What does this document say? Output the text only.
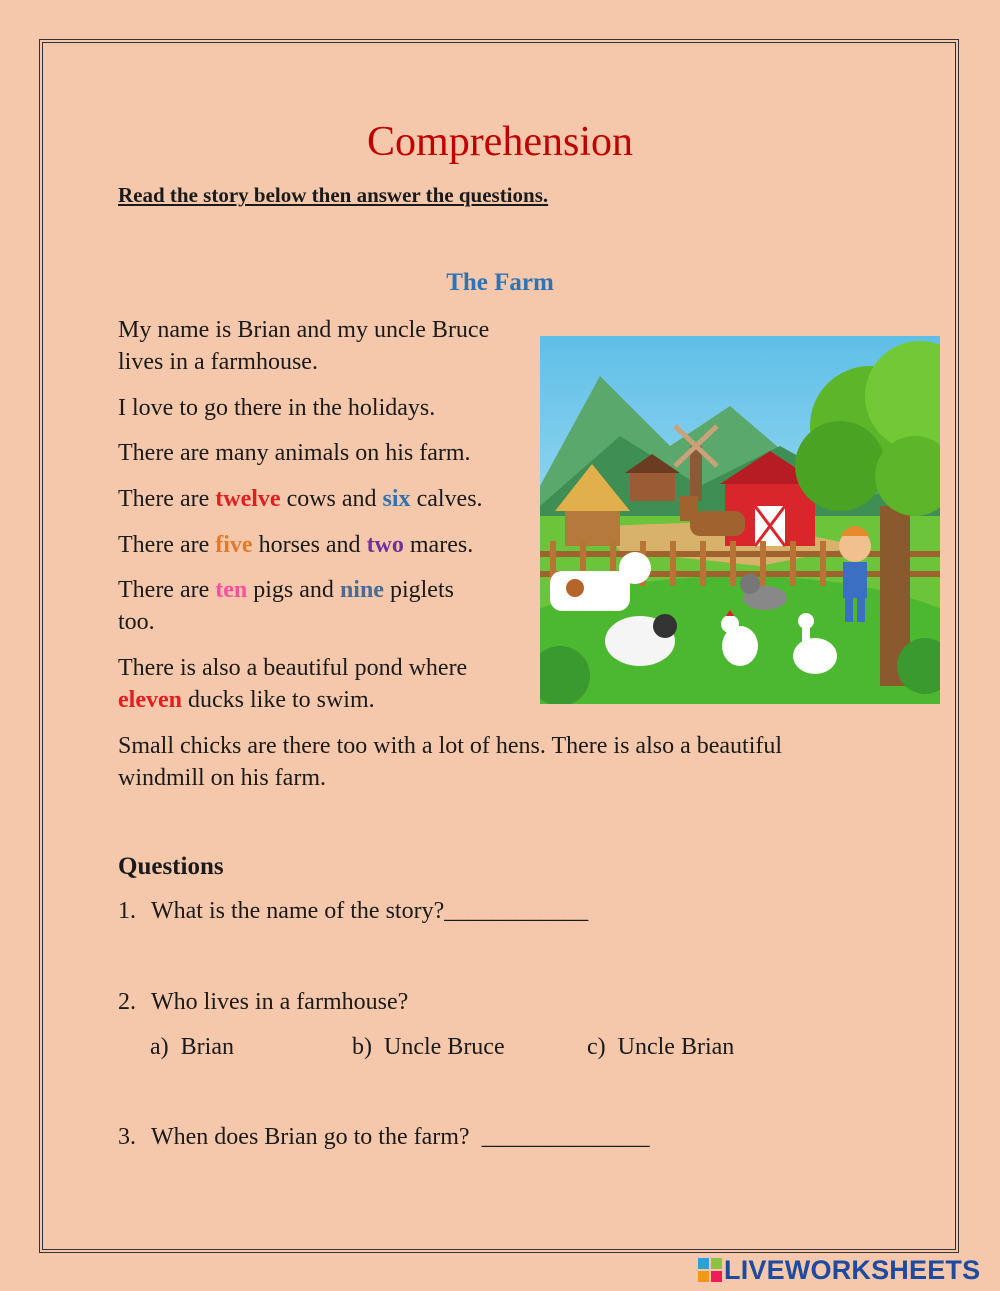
Comprehension
Read the story below then answer the questions.
The Farm
My name is Brian and my uncle Bruce
lives in a farmhouse.
I love to go there in the holidays.
There are many animals on his farm.
There are twelve cows and six calves.
There are five horses and two mares.
There are ten pigs and nine piglets
too.
There is also a beautiful pond where
eleven ducks like to swim.
Small chicks are there too with a lot of hens. There is also a beautiful
windmill on his farm.
Questions
1. What is the name of the story?____________
2. Who lives in a farmhouse?
a) Brian	b) Uncle Bruce	c) Uncle Brian
3. When does Brian go to the farm? ______________
LIVEWORKSHEETS
